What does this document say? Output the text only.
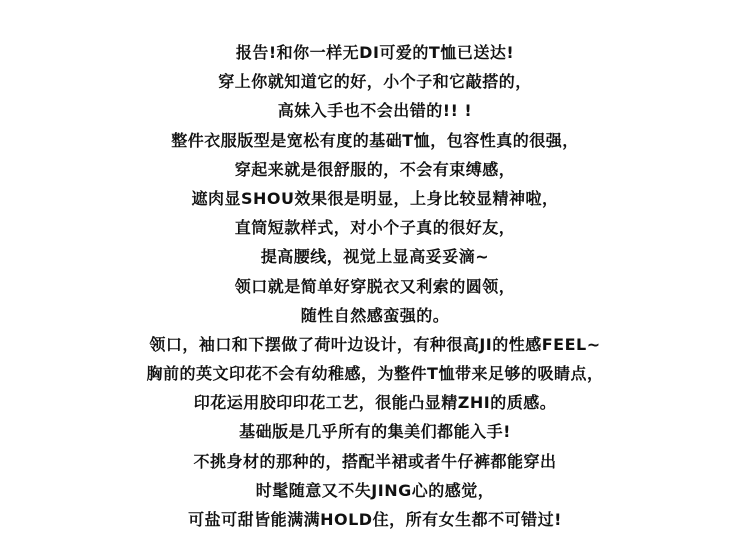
报告!和你一样无DI可爱的T恤已送达!
穿上你就知道它的好，小个子和它敲搭的，
高妹入手也不会出错的!! !
整件衣服版型是宽松有度的基础T恤，包容性真的很强，
穿起来就是很舒服的，不会有束缚感，
遮肉显SHOU效果很是明显，上身比较显精神啦，
直筒短款样式，对小个子真的很好友，
提高腰线，视觉上显高妥妥滴~
领口就是简单好穿脱衣又利索的圆领，
随性自然感蛮强的。
领口，袖口和下摆做了荷叶边设计，有种很高JI的性感FEEL~
胸前的英文印花不会有幼稚感，为整件T恤带来足够的吸睛点，
印花运用胶印印花工艺，很能凸显精ZHI的质感。
基础版是几乎所有的集美们都能入手!
不挑身材的那种的，搭配半裙或者牛仔裤都能穿出
时髦随意又不失JING心的感觉，
可盐可甜皆能满满HOLD住，所有女生都不可错过!
